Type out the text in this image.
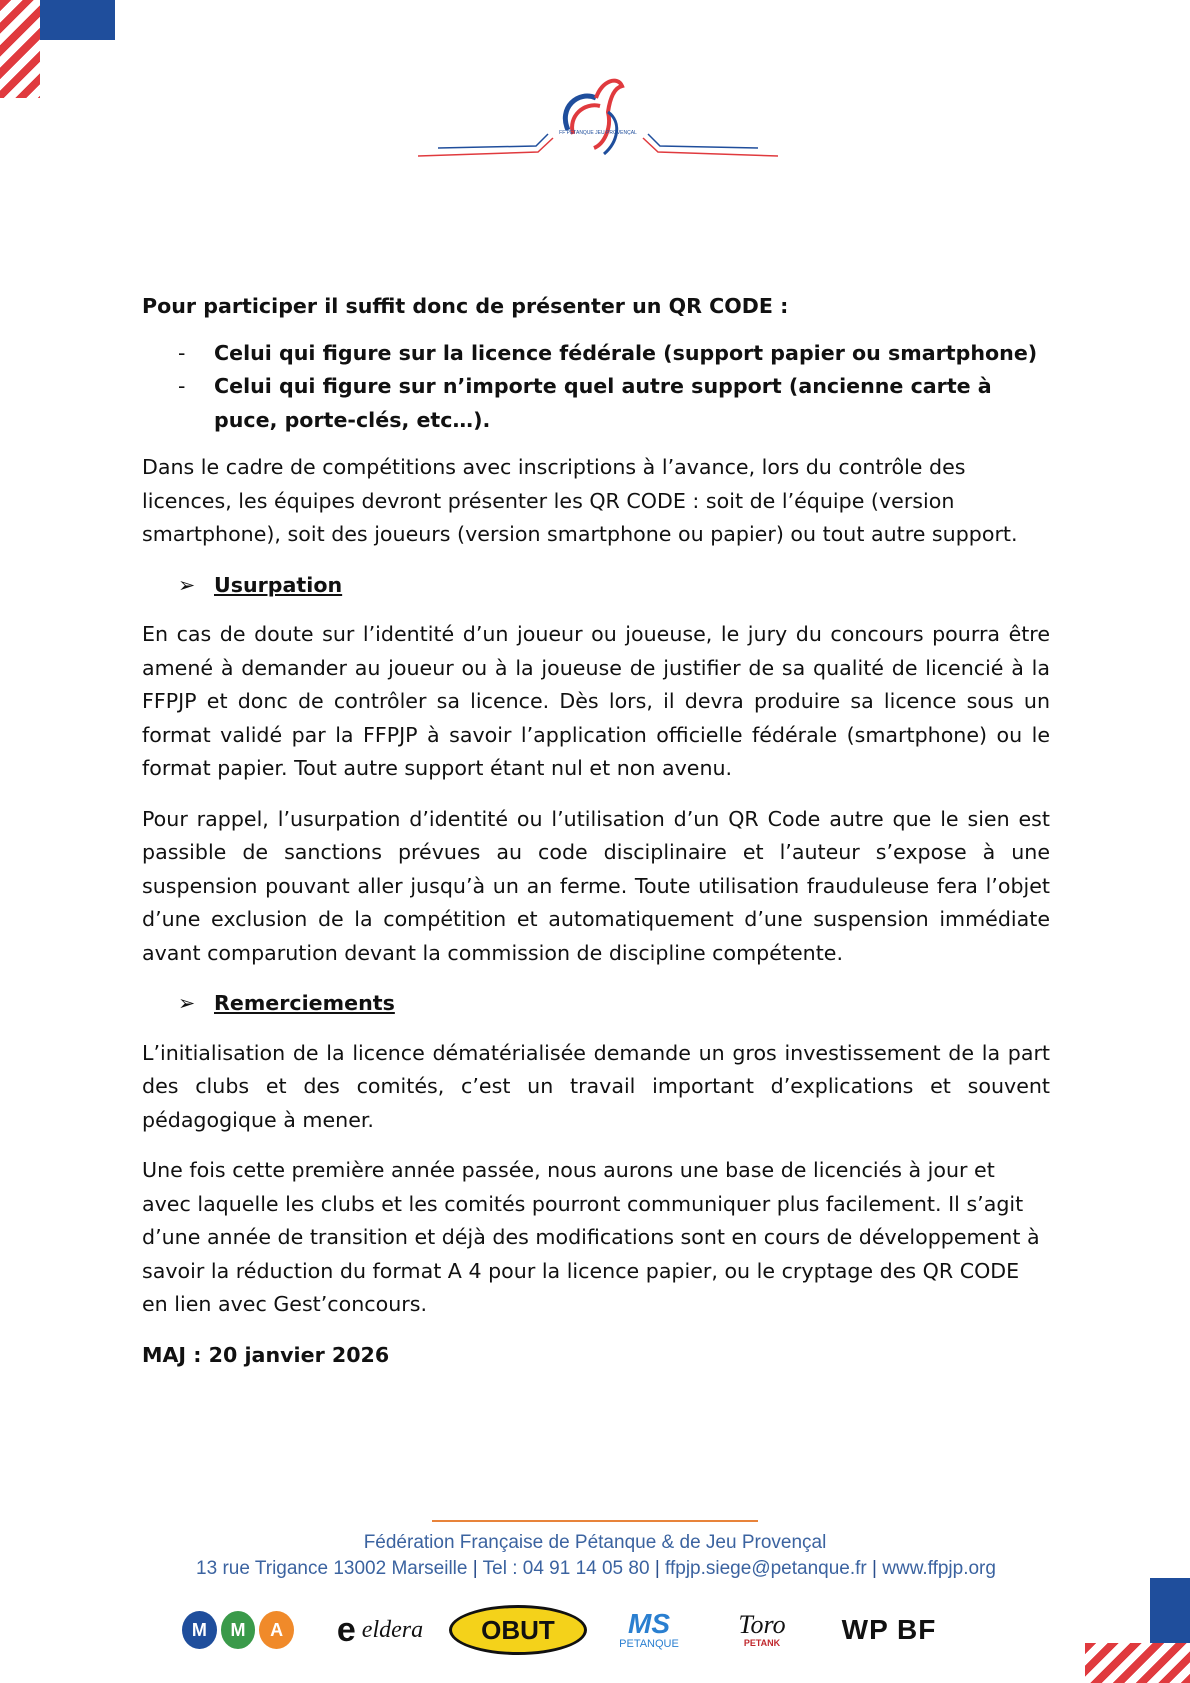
FF PÉTANQUE JEU PROVENÇAL

Pour participer il suffit donc de présenter un QR CODE :

- Celui qui figure sur la licence fédérale (support papier ou smartphone)
- Celui qui figure sur n’importe quel autre support (ancienne carte à puce, porte-clés, etc…).

Dans le cadre de compétitions avec inscriptions à l’avance, lors du contrôle des licences, les équipes devront présenter les QR CODE : soit de l’équipe (version smartphone), soit des joueurs (version smartphone ou papier) ou tout autre support.

➢ Usurpation

En cas de doute sur l’identité d’un joueur ou joueuse, le jury du concours pourra être amené à demander au joueur ou à la joueuse de justifier de sa qualité de licencié à la FFPJP et donc de contrôler sa licence. Dès lors, il devra produire sa licence sous un format validé par la FFPJP à savoir l’application officielle fédérale (smartphone) ou le format papier. Tout autre support étant nul et non avenu.

Pour rappel, l’usurpation d’identité ou l’utilisation d’un QR Code autre que le sien est passible de sanctions prévues au code disciplinaire et l’auteur s’expose à une suspension pouvant aller jusqu’à un an ferme. Toute utilisation frauduleuse fera l’objet d’une exclusion de la compétition et automatiquement d’une suspension immédiate avant comparution devant la commission de discipline compétente.

➢ Remerciements

L’initialisation de la licence dématérialisée demande un gros investissement de la part des clubs et des comités, c’est un travail important d’explications et souvent pédagogique à mener.

Une fois cette première année passée, nous aurons une base de licenciés à jour et avec laquelle les clubs et les comités pourront communiquer plus facilement. Il s’agit d’une année de transition et déjà des modifications sont en cours de développement à savoir la réduction du format A 4 pour la licence papier, ou le cryptage des QR CODE en lien avec Gest’concours.

MAJ : 20 janvier 2026

Fédération Française de Pétanque & de Jeu Provençal
13 rue Trigance 13002 Marseille | Tel : 04 91 14 05 80 | ffpjp.siege@petanque.fr | www.ffpjp.org
M	M	A	e eldera OBUT	MS
PETANQUE
Toro
PETANK WP BF
